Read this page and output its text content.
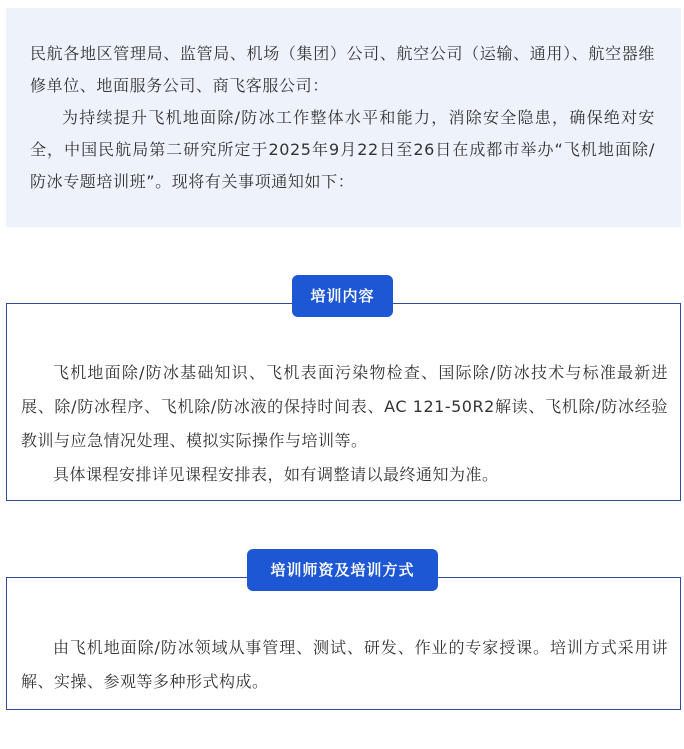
民航各地区管理局、监管局、机场（集团）公司、航空公司（运输、通用）、航空器维修单位、地面服务公司、商飞客服公司：

为持续提升飞机地面除/防冰工作整体水平和能力，消除安全隐患，确保绝对安全，中国民航局第二研究所定于2025年9月22日至26日在成都市举办“飞机地面除/防冰专题培训班”。现将有关事项通知如下：

飞机地面除/防冰基础知识、飞机表面污染物检查、国际除/防冰技术与标准最新进展、除/防冰程序、飞机除/防冰液的保持时间表、AC 121-50R2解读、飞机除/防冰经验教训与应急情况处理、模拟实际操作与培训等。

具体课程安排详见课程安排表，如有调整请以最终通知为准。

培训内容

由飞机地面除/防冰领域从事管理、测试、研发、作业的专家授课。培训方式采用讲解、实操、参观等多种形式构成。

培训师资及培训方式
